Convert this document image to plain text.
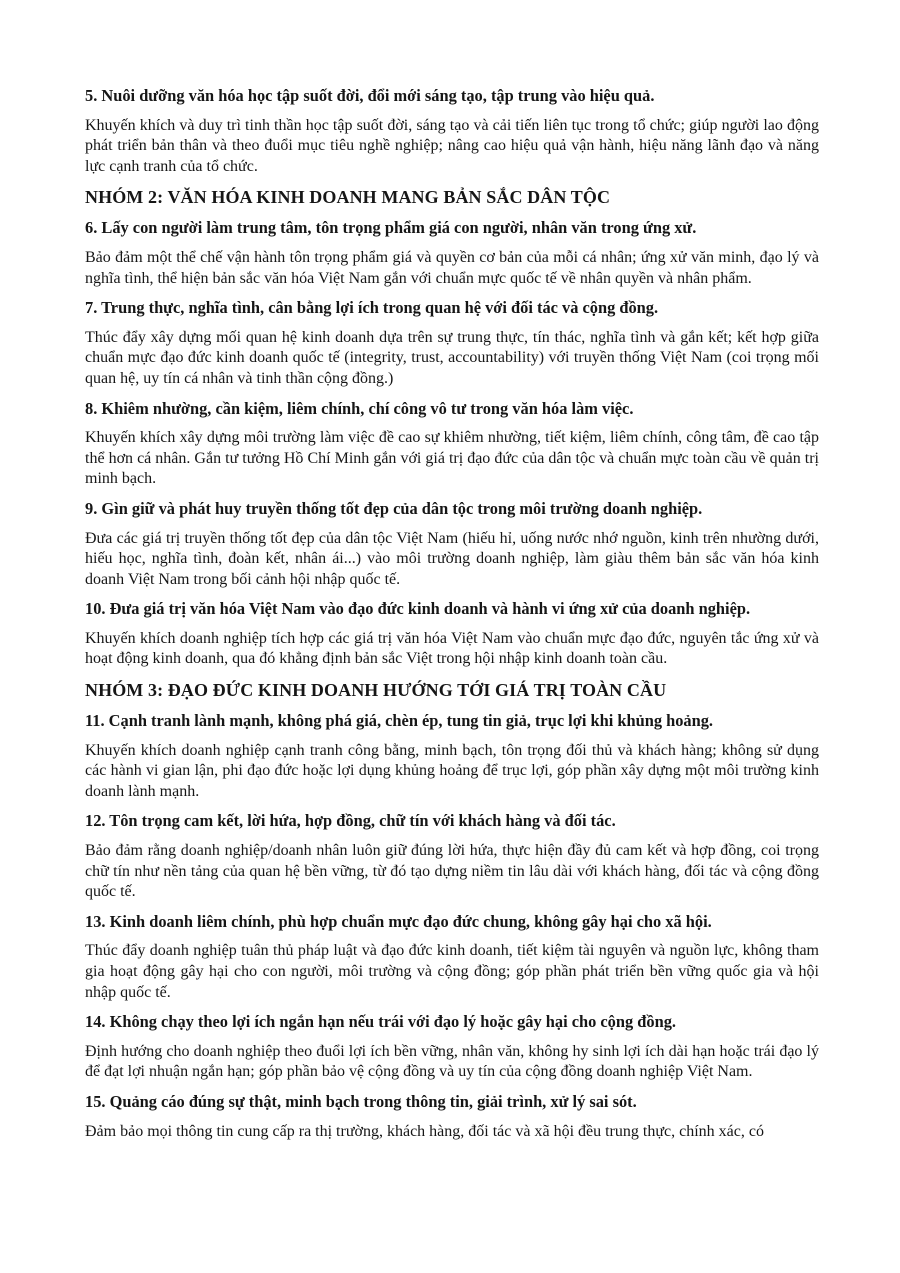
5. Nuôi dưỡng văn hóa học tập suốt đời, đổi mới sáng tạo, tập trung vào hiệu quả.

Khuyến khích và duy trì tinh thần học tập suốt đời, sáng tạo và cải tiến liên tục trong tổ chức; giúp người lao động phát triển bản thân và theo đuổi mục tiêu nghề nghiệp; nâng cao hiệu quả vận hành, hiệu năng lãnh đạo và năng lực cạnh tranh của tổ chức.

NHÓM 2: VĂN HÓA KINH DOANH MANG BẢN SẮC DÂN TỘC

6. Lấy con người làm trung tâm, tôn trọng phẩm giá con người, nhân văn trong ứng xử.

Bảo đảm một thể chế vận hành tôn trọng phẩm giá và quyền cơ bản của mỗi cá nhân; ứng xử văn minh, đạo lý và nghĩa tình, thể hiện bản sắc văn hóa Việt Nam gắn với chuẩn mực quốc tế về nhân quyền và nhân phẩm.

7. Trung thực, nghĩa tình, cân bằng lợi ích trong quan hệ với đối tác và cộng đồng.

Thúc đẩy xây dựng mối quan hệ kinh doanh dựa trên sự trung thực, tín thác, nghĩa tình và gắn kết; kết hợp giữa chuẩn mực đạo đức kinh doanh quốc tế (integrity, trust, accountability) với truyền thống Việt Nam (coi trọng mối quan hệ, uy tín cá nhân và tinh thần cộng đồng.)

8. Khiêm nhường, cần kiệm, liêm chính, chí công vô tư trong văn hóa làm việc.

Khuyến khích xây dựng môi trường làm việc đề cao sự khiêm nhường, tiết kiệm, liêm chính, công tâm, đề cao tập thể hơn cá nhân. Gắn tư tưởng Hồ Chí Minh gắn với giá trị đạo đức của dân tộc và chuẩn mực toàn cầu về quản trị minh bạch.

9. Gìn giữ và phát huy truyền thống tốt đẹp của dân tộc trong môi trường doanh nghiệp.

Đưa các giá trị truyền thống tốt đẹp của dân tộc Việt Nam (hiếu hỉ, uống nước nhớ nguồn, kinh trên nhường dưới, hiếu học, nghĩa tình, đoàn kết, nhân ái...) vào môi trường doanh nghiệp, làm giàu thêm bản sắc văn hóa kinh doanh Việt Nam trong bối cảnh hội nhập quốc tế.

10. Đưa giá trị văn hóa Việt Nam vào đạo đức kinh doanh và hành vi ứng xử của doanh nghiệp.

Khuyến khích doanh nghiệp tích hợp các giá trị văn hóa Việt Nam vào chuẩn mực đạo đức, nguyên tắc ứng xử và hoạt động kinh doanh, qua đó khẳng định bản sắc Việt trong hội nhập kinh doanh toàn cầu.

NHÓM 3: ĐẠO ĐỨC KINH DOANH HƯỚNG TỚI GIÁ TRỊ TOÀN CẦU

11. Cạnh tranh lành mạnh, không phá giá, chèn ép, tung tin giả, trục lợi khi khủng hoảng.

Khuyến khích doanh nghiệp cạnh tranh công bằng, minh bạch, tôn trọng đối thủ và khách hàng; không sử dụng các hành vi gian lận, phi đạo đức hoặc lợi dụng khủng hoảng để trục lợi, góp phần xây dựng một môi trường kinh doanh lành mạnh.

12. Tôn trọng cam kết, lời hứa, hợp đồng, chữ tín với khách hàng và đối tác.

Bảo đảm rằng doanh nghiệp/doanh nhân luôn giữ đúng lời hứa, thực hiện đầy đủ cam kết và hợp đồng, coi trọng chữ tín như nền tảng của quan hệ bền vững, từ đó tạo dựng niềm tin lâu dài với khách hàng, đối tác và cộng đồng quốc tế.

13. Kinh doanh liêm chính, phù hợp chuẩn mực đạo đức chung, không gây hại cho xã hội.

Thúc đẩy doanh nghiệp tuân thủ pháp luật và đạo đức kinh doanh, tiết kiệm tài nguyên và nguồn lực, không tham gia hoạt động gây hại cho con người, môi trường và cộng đồng; góp phần phát triển bền vững quốc gia và hội nhập quốc tế.

14. Không chạy theo lợi ích ngắn hạn nếu trái với đạo lý hoặc gây hại cho cộng đồng.

Định hướng cho doanh nghiệp theo đuổi lợi ích bền vững, nhân văn, không hy sinh lợi ích dài hạn hoặc trái đạo lý để đạt lợi nhuận ngắn hạn; góp phần bảo vệ cộng đồng và uy tín của cộng đồng doanh nghiệp Việt Nam.

15. Quảng cáo đúng sự thật, minh bạch trong thông tin, giải trình, xử lý sai sót.

Đảm bảo mọi thông tin cung cấp ra thị trường, khách hàng, đối tác và xã hội đều trung thực, chính xác, có
